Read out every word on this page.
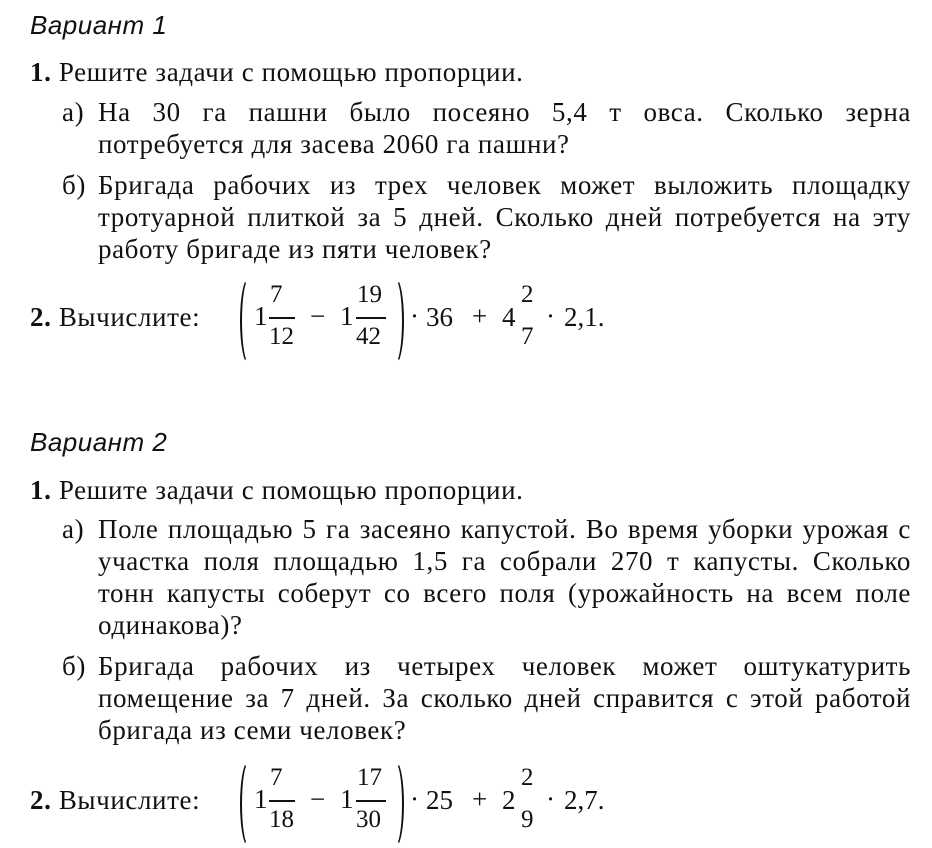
Вариант 1
1. Решите задачи с помощью пропорции.
а) На 30 га пашни было посеяно 5,4 т овса. Сколько зерна потребуется для засева 2060 га пашни?

б) Бригада рабочих из трех человек может выложить площадку тротуарной плиткой за 5 дней. Сколько дней потребуется на эту работу бригаде из пяти человек?

2. Вычислите: 1
7
12
− 1
19
42
· 36 + 4
2
7
· 2,1.
Вариант 2
1. Решите задачи с помощью пропорции.
а) Поле площадью 5 га засеяно капустой. Во время уборки урожая с участка поля площадью 1,5 га собрали 270 т капусты. Сколько тонн капусты соберут со всего поля (урожайность на всем поле одинакова)?

б) Бригада рабочих из четырех человек может оштукатурить помещение за 7 дней. За сколько дней справится с этой работой бригада из семи человек?

2. Вычислите: 1
7
18
− 1
17
30
· 25 + 2
2
9
· 2,7.
